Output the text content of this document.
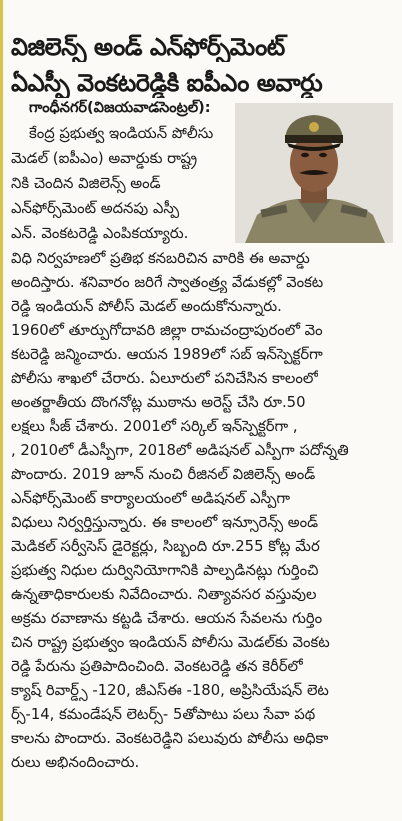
విజిలెన్స్ అండ్ ఎన్‌ఫోర్స్‌మెంట్
ఏఎస్పీ వెంకటరెడ్డికి ఐపీఎం అవార్డు
గాంధీనగర్(విజయవాడసెంట్రల్):
కేంద్ర ప్రభుత్వ ఇండియన్ పోలీసు
మెడల్ (ఐపీఎం) అవార్డుకు రాష్ట్ర
నికి చెందిన విజిలెన్స్ అండ్
ఎన్‌ఫోర్స్‌మెంట్ అదనపు ఎస్పీ
ఎన్. వెంకటరెడ్డి ఎంపికయ్యారు.
విధి నిర్వహణలో ప్రతిభ కనబరిచిన వారికి ఈ అవార్డు
అందిస్తారు. శనివారం జరిగే స్వాతంత్ర్య వేడుకల్లో వెంకట
రెడ్డి ఇండియన్ పోలీస్ మెడల్ అందుకోనున్నారు.
1960లో తూర్పుగోదావరి జిల్లా రామచంద్రాపురంలో వెం
కటరెడ్డి జన్మించారు. ఆయన 1989లో సబ్ ఇన్‌స్పెక్టర్‌గా
పోలీసు శాఖలో చేరారు. ఏలూరులో పనిచేసిన కాలంలో
అంతర్జాతీయ దొంగనోట్ల ముఠాను అరెస్ట్ చేసి రూ.50
లక్షలు సీజ్ చేశారు. 2001లో సర్కిల్ ఇన్‌స్పెక్టర్‌గా ,
, 2010లో డీఎస్పీగా, 2018లో అడిషనల్ ఎస్పీగా పదోన్నతి
పొందారు. 2019 జూన్ నుంచి రీజినల్ విజిలెన్స్ అండ్
ఎన్‌ఫోర్స్‌మెంట్ కార్యాలయంలో అడిషనల్ ఎస్పీగా
విధులు నిర్వర్తిస్తున్నారు. ఈ కాలంలో ఇన్సూరెన్స్ అండ్
మెడికల్ సర్వీసెస్ డైరెక్టర్లు, సిబ్బంది రూ.255 కోట్ల మేర
ప్రభుత్వ నిధుల దుర్వినియోగానికి పాల్పడినట్లు గుర్తించి
ఉన్నతాధికారులకు నివేదించారు. నిత్యావసర వస్తువుల
అక్రమ రవాణాను కట్టడి చేశారు. ఆయన సేవలను గుర్తిం
చిన రాష్ట్ర ప్రభుత్వం ఇండియన్ పోలీసు మెడల్‌కు వెంకట
రెడ్డి పేరును ప్రతిపాదించింది. వెంకటరెడ్డి తన కెరీర్‌లో
క్యాష్ రివార్డ్స్ -120, జీఎస్ఈ -180, అప్రిసియేషన్ లెట
ర్స్-14, కమండేషన్ లెటర్స్- 5తోపాటు పలు సేవా పథ
కాలను పొందారు. వెంకటరెడ్డిని పలువురు పోలీసు అధికా
రులు అభినందించారు.
